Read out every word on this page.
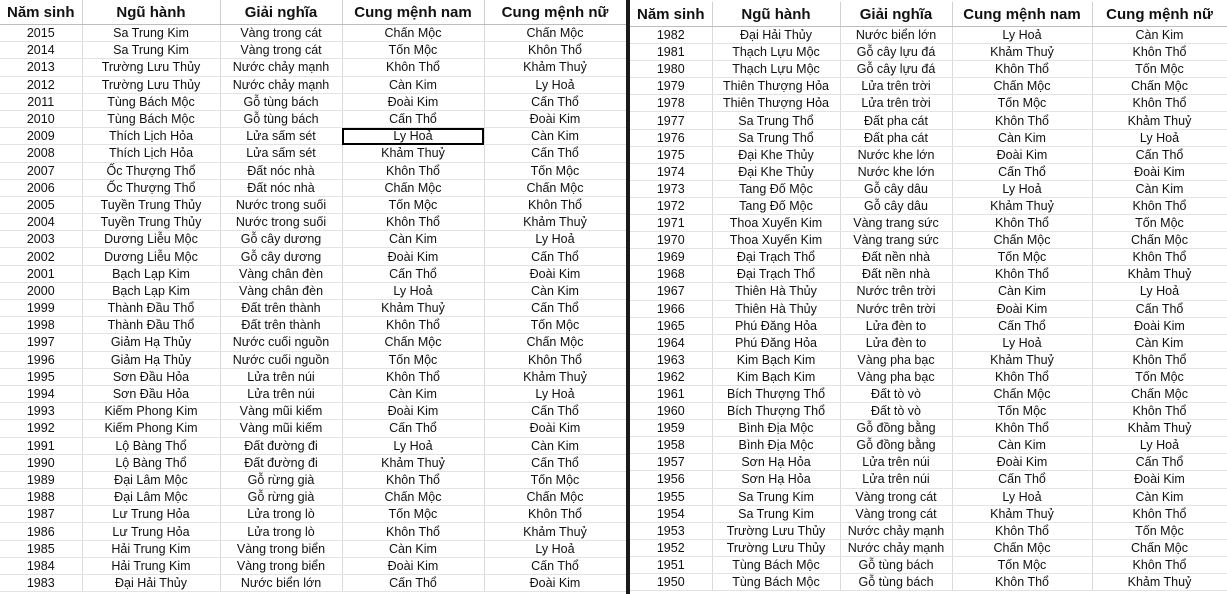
Năm sinh	Ngũ hành	Giải nghĩa	Cung mệnh nam	Cung mệnh nữ
2015	Sa Trung Kim	Vàng trong cát	Chấn Mộc	Chấn Mộc
2014	Sa Trung Kim	Vàng trong cát	Tốn Mộc	Khôn Thổ
2013	Trường Lưu Thủy	Nước chảy mạnh	Khôn Thổ	Khảm Thuỷ
2012	Trường Lưu Thủy	Nước chảy mạnh	Càn Kim	Ly Hoả
2011	Tùng Bách Mộc	Gỗ tùng bách	Đoài Kim	Cấn Thổ
2010	Tùng Bách Mộc	Gỗ tùng bách	Cấn Thổ	Đoài Kim
2009	Thích Lịch Hỏa	Lửa sấm sét	Ly Hoả	Càn Kim
2008	Thích Lịch Hỏa	Lửa sấm sét	Khảm Thuỷ	Cấn Thổ
2007	Ốc Thượng Thổ	Đất nóc nhà	Khôn Thổ	Tốn Mộc
2006	Ốc Thượng Thổ	Đất nóc nhà	Chấn Mộc	Chấn Mộc
2005	Tuyền Trung Thủy	Nước trong suối	Tốn Mộc	Khôn Thổ
2004	Tuyền Trung Thủy	Nước trong suối	Khôn Thổ	Khảm Thuỷ
2003	Dương Liễu Mộc	Gỗ cây dương	Càn Kim	Ly Hoả
2002	Dương Liễu Mộc	Gỗ cây dương	Đoài Kim	Cấn Thổ
2001	Bạch Lạp Kim	Vàng chân đèn	Cấn Thổ	Đoài Kim
2000	Bạch Lạp Kim	Vàng chân đèn	Ly Hoả	Càn Kim
1999	Thành Đầu Thổ	Đất trên thành	Khảm Thuỷ	Cấn Thổ
1998	Thành Đầu Thổ	Đất trên thành	Khôn Thổ	Tốn Mộc
1997	Giảm Hạ Thủy	Nước cuối nguồn	Chấn Mộc	Chấn Mộc
1996	Giảm Hạ Thủy	Nước cuối nguồn	Tốn Mộc	Khôn Thổ
1995	Sơn Đầu Hỏa	Lửa trên núi	Khôn Thổ	Khảm Thuỷ
1994	Sơn Đầu Hỏa	Lửa trên núi	Càn Kim	Ly Hoả
1993	Kiếm Phong Kim	Vàng mũi kiếm	Đoài Kim	Cấn Thổ
1992	Kiếm Phong Kim	Vàng mũi kiếm	Cấn Thổ	Đoài Kim
1991	Lộ Bàng Thổ	Đất đường đi	Ly Hoả	Càn Kim
1990	Lộ Bàng Thổ	Đất đường đi	Khảm Thuỷ	Cấn Thổ
1989	Đại Lâm Mộc	Gỗ rừng già	Khôn Thổ	Tốn Mộc
1988	Đại Lâm Mộc	Gỗ rừng già	Chấn Mộc	Chấn Mộc
1987	Lư Trung Hỏa	Lửa trong lò	Tốn Mộc	Khôn Thổ
1986	Lư Trung Hỏa	Lửa trong lò	Khôn Thổ	Khảm Thuỷ
1985	Hải Trung Kim	Vàng trong biển	Càn Kim	Ly Hoả
1984	Hải Trung Kim	Vàng trong biển	Đoài Kim	Cấn Thổ
1983	Đại Hải Thủy	Nước biển lớn	Cấn Thổ	Đoài Kim
Năm sinh	Ngũ hành	Giải nghĩa	Cung mệnh nam	Cung mệnh nữ
1982	Đại Hải Thủy	Nước biển lớn	Ly Hoả	Càn Kim
1981	Thạch Lựu Mộc	Gỗ cây lựu đá	Khảm Thuỷ	Khôn Thổ
1980	Thạch Lựu Mộc	Gỗ cây lựu đá	Khôn Thổ	Tốn Mộc
1979	Thiên Thượng Hỏa	Lửa trên trời	Chấn Mộc	Chấn Mộc
1978	Thiên Thượng Hỏa	Lửa trên trời	Tốn Mộc	Khôn Thổ
1977	Sa Trung Thổ	Đất pha cát	Khôn Thổ	Khảm Thuỷ
1976	Sa Trung Thổ	Đất pha cát	Càn Kim	Ly Hoả
1975	Đại Khe Thủy	Nước khe lớn	Đoài Kim	Cấn Thổ
1974	Đại Khe Thủy	Nước khe lớn	Cấn Thổ	Đoài Kim
1973	Tang Đố Mộc	Gỗ cây dâu	Ly Hoả	Càn Kim
1972	Tang Đố Mộc	Gỗ cây dâu	Khảm Thuỷ	Khôn Thổ
1971	Thoa Xuyến Kim	Vàng trang sức	Khôn Thổ	Tốn Mộc
1970	Thoa Xuyến Kim	Vàng trang sức	Chấn Mộc	Chấn Mộc
1969	Đại Trạch Thổ	Đất nền nhà	Tốn Mộc	Khôn Thổ
1968	Đại Trạch Thổ	Đất nền nhà	Khôn Thổ	Khảm Thuỷ
1967	Thiên Hà Thủy	Nước trên trời	Càn Kim	Ly Hoả
1966	Thiên Hà Thủy	Nước trên trời	Đoài Kim	Cấn Thổ
1965	Phú Đăng Hỏa	Lửa đèn to	Cấn Thổ	Đoài Kim
1964	Phú Đăng Hỏa	Lửa đèn to	Ly Hoả	Càn Kim
1963	Kim Bạch Kim	Vàng pha bạc	Khảm Thuỷ	Khôn Thổ
1962	Kim Bạch Kim	Vàng pha bạc	Khôn Thổ	Tốn Mộc
1961	Bích Thượng Thổ	Đất tò vò	Chấn Mộc	Chấn Mộc
1960	Bích Thượng Thổ	Đất tò vò	Tốn Mộc	Khôn Thổ
1959	Bình Địa Mộc	Gỗ đồng bằng	Khôn Thổ	Khảm Thuỷ
1958	Bình Địa Mộc	Gỗ đồng bằng	Càn Kim	Ly Hoả
1957	Sơn Hạ Hỏa	Lửa trên núi	Đoài Kim	Cấn Thổ
1956	Sơn Hạ Hỏa	Lửa trên núi	Cấn Thổ	Đoài Kim
1955	Sa Trung Kim	Vàng trong cát	Ly Hoả	Càn Kim
1954	Sa Trung Kim	Vàng trong cát	Khảm Thuỷ	Khôn Thổ
1953	Trường Lưu Thủy	Nước chảy mạnh	Khôn Thổ	Tốn Mộc
1952	Trường Lưu Thủy	Nước chảy mạnh	Chấn Mộc	Chấn Mộc
1951	Tùng Bách Mộc	Gỗ tùng bách	Tốn Mộc	Khôn Thổ
1950	Tùng Bách Mộc	Gỗ tùng bách	Khôn Thổ	Khảm Thuỷ
